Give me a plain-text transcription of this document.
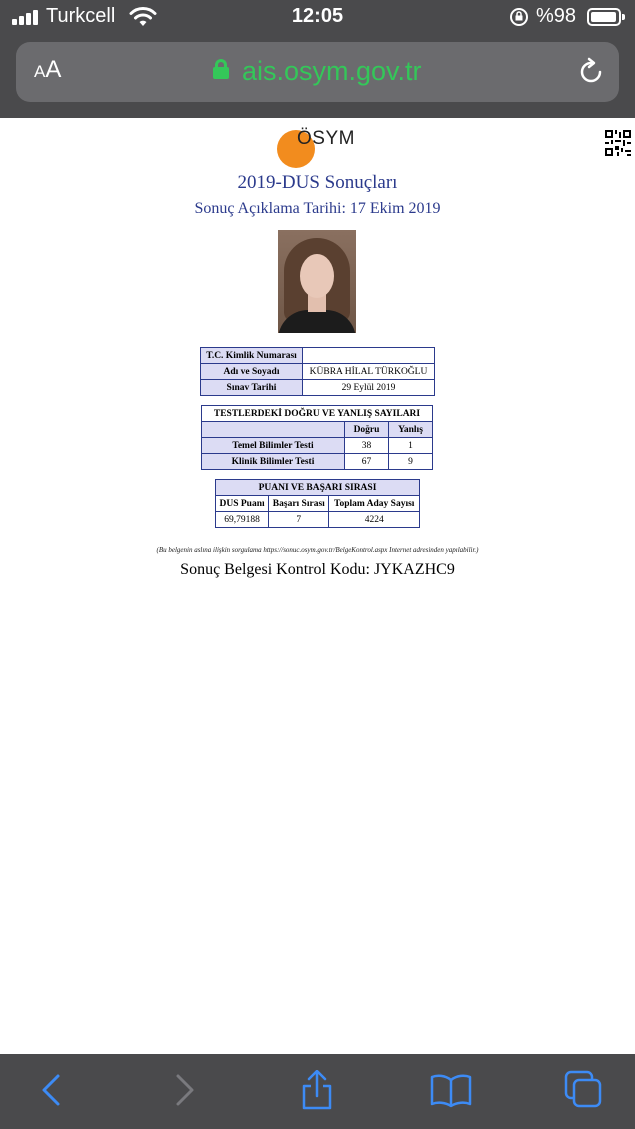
Turkcell	12:05	%98
AA	ais.osym.gov.tr
ÖSYM
2019-DUS Sonuçları
Sonuç Açıklama Tarihi: 17 Ekim 2019
T.C. Kimlik Numarası	
Adı ve Soyadı	KÜBRA HİLAL TÜRKOĞLU
Sınav Tarihi	29 Eylül 2019
TESTLERDEKİ DOĞRU VE YANLIŞ SAYILARI		
	Doğru	Yanlış
Temel Bilimler Testi	38	1
Klinik Bilimler Testi	67	9
PUANI VE BAŞARI SIRASI		
DUS Puanı	Başarı Sırası	Toplam Aday Sayısı
69,79188	7	4224
(Bu belgenin aslına ilişkin sorgulama https://sonuc.osym.gov.tr/BelgeKontrol.aspx Internet adresinden yapılabilir.)
Sonuç Belgesi Kontrol Kodu: JYKAZHC9
